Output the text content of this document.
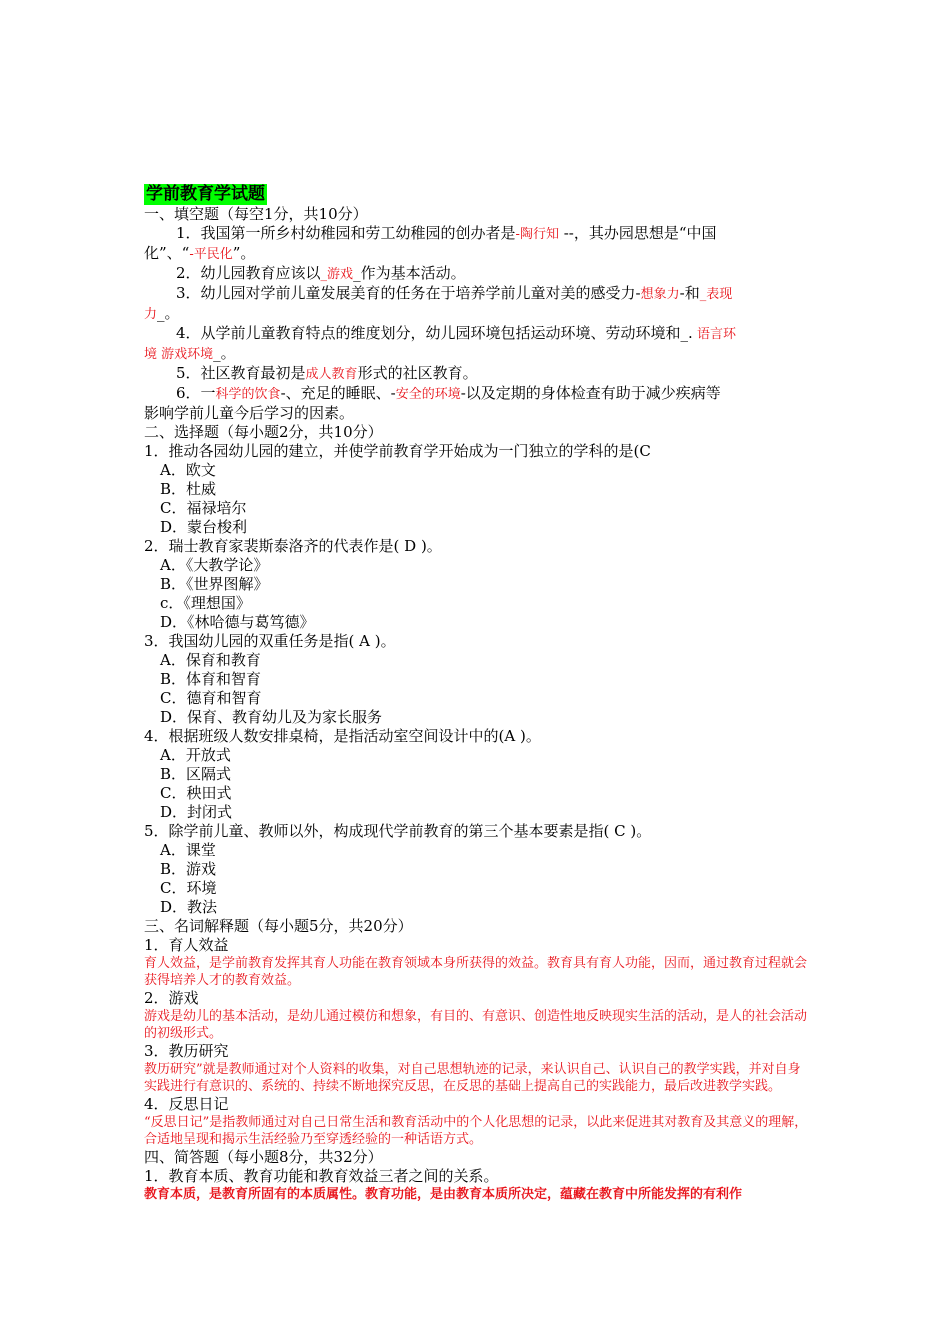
学前教育学试题
一、填空题（每空1分，共10分）
1．我国第一所乡村幼稚园和劳工幼稚园的创办者是-陶行知 --，其办园思想是“中国
化”、“-平民化”。
2．幼儿园教育应该以_游戏_作为基本活动。
3．幼儿园对学前儿童发展美育的任务在于培养学前儿童对美的感受力-想象力-和_表现
力_。
4．从学前儿童教育特点的维度划分，幼儿园环境包括运动环境、劳动环境和_. 语言环
境 游戏环境_。
5．社区教育最初是成人教育形式的社区教育。
6．一科学的饮食-、充足的睡眠、-安全的环境-以及定期的身体检查有助于减少疾病等
影响学前儿童今后学习的因素。
二、选择题（每小题2分，共10分）
1．推动各园幼儿园的建立，并使学前教育学开始成为一门独立的学科的是(C
A．欧文
B．杜威
C．福禄培尔
D．蒙台梭利
2．瑞士教育家裴斯泰洛齐的代表作是( D )。
A．《大教学论》
B．《世界图解》
c．《理想国》
D．《林哈德与葛笃德》
3．我国幼儿园的双重任务是指( A )。
A．保育和教育
B．体育和智育
C．德育和智育
D．保育、教育幼儿及为家长服务
4．根据班级人数安排桌椅，是指活动室空间设计中的(A )。
A．开放式
B．区隔式
C．秧田式
D．封闭式
5．除学前儿童、教师以外，构成现代学前教育的第三个基本要素是指( C )。
A．课堂
B．游戏
C．环境
D．教法
三、名词解释题（每小题5分，共20分）
1．育人效益
育人效益，是学前教育发挥其育人功能在教育领域本身所获得的效益。教育具有育人功能，因而，通过教育过程就会获得培养人才的教育效益。
2．游戏
游戏是幼儿的基本活动，是幼儿通过模仿和想象，有目的、有意识、创造性地反映现实生活的活动，是人的社会活动的初级形式。
3．教历研究
教历研究”就是教师通过对个人资料的收集，对自己思想轨迹的记录，来认识自己、认识自己的教学实践，并对自身实践进行有意识的、系统的、持续不断地探究反思，在反思的基础上提高自己的实践能力，最后改进教学实践。
4．反思日记
“反思日记”是指教师通过对自己日常生活和教育活动中的个人化思想的记录，以此来促进其对教育及其意义的理解，合适地呈现和揭示生活经验乃至穿透经验的一种话语方式。
四、简答题（每小题8分，共32分）
1．教育本质、教育功能和教育效益三者之间的关系。
教育本质，是教育所固有的本质属性。教育功能，是由教育本质所决定，蕴藏在教育中所能发挥的有利作
